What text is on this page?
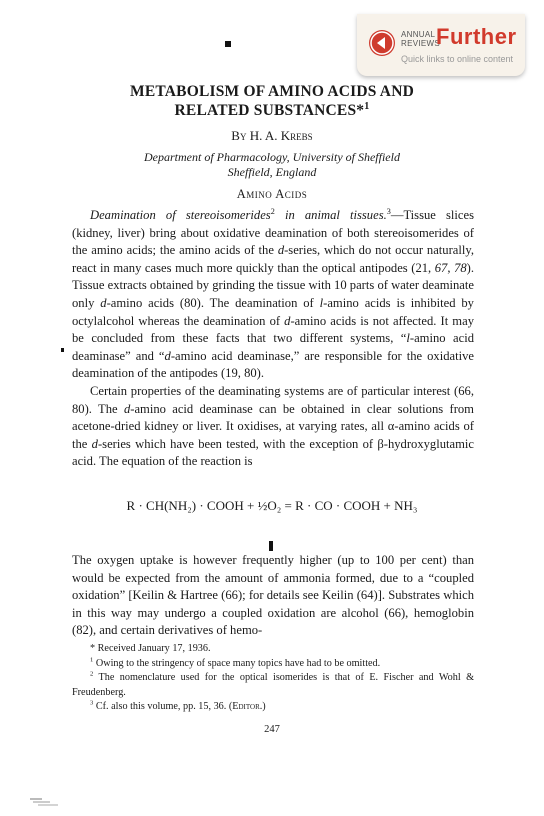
ANNUAL
REVIEWS
Further
Quick links to online content
METABOLISM OF AMINO ACIDS AND
RELATED SUBSTANCES*$^1$
By H. A. Krebs
Department of Pharmacology, University of Sheffield
Sheffield, England
Amino Acids

Deamination of stereoisomerides$^2$ in animal tissues.$^3$—Tissue slices (kidney, liver) bring about oxidative deamination of both stereoisomerides of the amino acids; the amino acids of the d-series, which do not occur naturally, react in many cases much more quickly than the optical antipodes (21, 67, 78). Tissue extracts obtained by grinding the tissue with 10 parts of water deaminate only d-amino acids (80). The deamination of l-amino acids is inhibited by octylalcohol whereas the deamination of d-amino acids is not affected. It may be concluded from these facts that two different systems, “l-amino acid deaminase” and “d-amino acid deaminase,” are responsible for the oxidative deamination of the antipodes (19, 80).

Certain properties of the deaminating systems are of particular interest (66, 80). The d-amino acid deaminase can be obtained in clear solutions from acetone-dried kidney or liver. It oxidises, at varying rates, all α-amino acids of the d-series which have been tested, with the exception of β-hydroxyglutamic acid. The equation of the reaction is

R · CH(NH₂) · COOH + ½O₂ = R · CO · COOH + NH₃

The oxygen uptake is however frequently higher (up to 100 per cent) than would be expected from the amount of ammonia formed, due to a “coupled oxidation” [Keilin & Hartree (66); for details see Keilin (64)]. Substrates which in this way may undergo a coupled oxidation are alcohol (66), hemoglobin (82), and certain derivatives of hemo-

* Received January 17, 1936.

$^1$ Owing to the stringency of space many topics have had to be omitted.

$^2$ The nomenclature used for the optical isomerides is that of E. Fischer and Wohl & Freudenberg.

$^3$ Cf. also this volume, pp. 15, 36. (Editor.)

247
